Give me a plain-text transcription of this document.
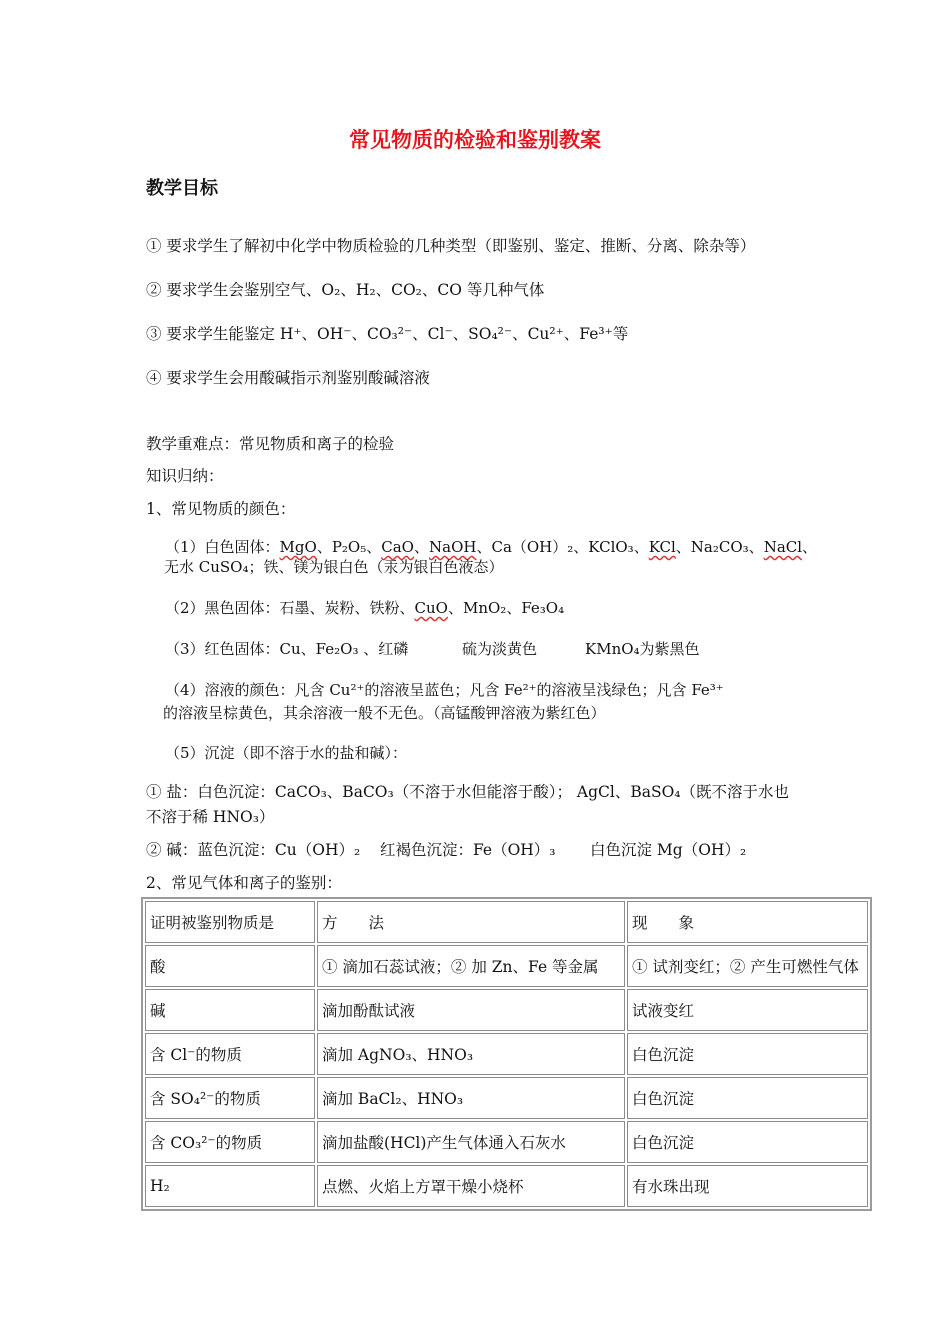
常见物质的检验和鉴别教案
教学目标
① 要求学生了解初中化学中物质检验的几种类型（即鉴别、鉴定、推断、分离、除杂等）
② 要求学生会鉴别空气、O₂、H₂、CO₂、CO 等几种气体
③ 要求学生能鉴定 H⁺、OH⁻、CO₃²⁻、Cl⁻、SO₄²⁻、Cu²⁺、Fe³⁺等
④ 要求学生会用酸碱指示剂鉴别酸碱溶液
教学重难点：常见物质和离子的检验
知识归纳：
1、常见物质的颜色：
（1）白色固体：MgO、P₂O₅、CaO、NaOH、Ca（OH）₂、KClO₃、KCl、Na₂CO₃、NaCl、
无水 CuSO₄；铁、镁为银白色（汞为银白色液态）
（2）黑色固体：石墨、炭粉、铁粉、CuO、MnO₂、Fe₃O₄
（3）红色固体：Cu、Fe₂O₃ 、红磷	硫为淡黄色	KMnO₄为紫黑色
（4）溶液的颜色：凡含 Cu²⁺的溶液呈蓝色；凡含 Fe²⁺的溶液呈浅绿色；凡含 Fe³⁺
的溶液呈棕黄色，其余溶液一般不无色。（高锰酸钾溶液为紫红色）
（5）沉淀（即不溶于水的盐和碱）：
① 盐：白色沉淀：CaCO₃、BaCO₃（不溶于水但能溶于酸）； AgCl、BaSO₄（既不溶于水也
不溶于稀 HNO₃）
② 碱：蓝色沉淀：Cu（OH）₂ 红褐色沉淀：Fe（OH）₃ 白色沉淀 Mg（OH）₂
2、常见气体和离子的鉴别：
证明被鉴别物质是	方　　法	现　　象
酸	① 滴加石蕊试液；② 加 Zn、Fe 等金属	① 试剂变红；② 产生可燃性气体
碱	滴加酚酞试液	试液变红
含 Cl⁻的物质	滴加 AgNO₃、HNO₃	白色沉淀
含 SO₄²⁻的物质	滴加 BaCl₂、HNO₃	白色沉淀
含 CO₃²⁻的物质	滴加盐酸(HCl)产生气体通入石灰水	白色沉淀
H₂	点燃、火焰上方罩干燥小烧杯	有水珠出现
